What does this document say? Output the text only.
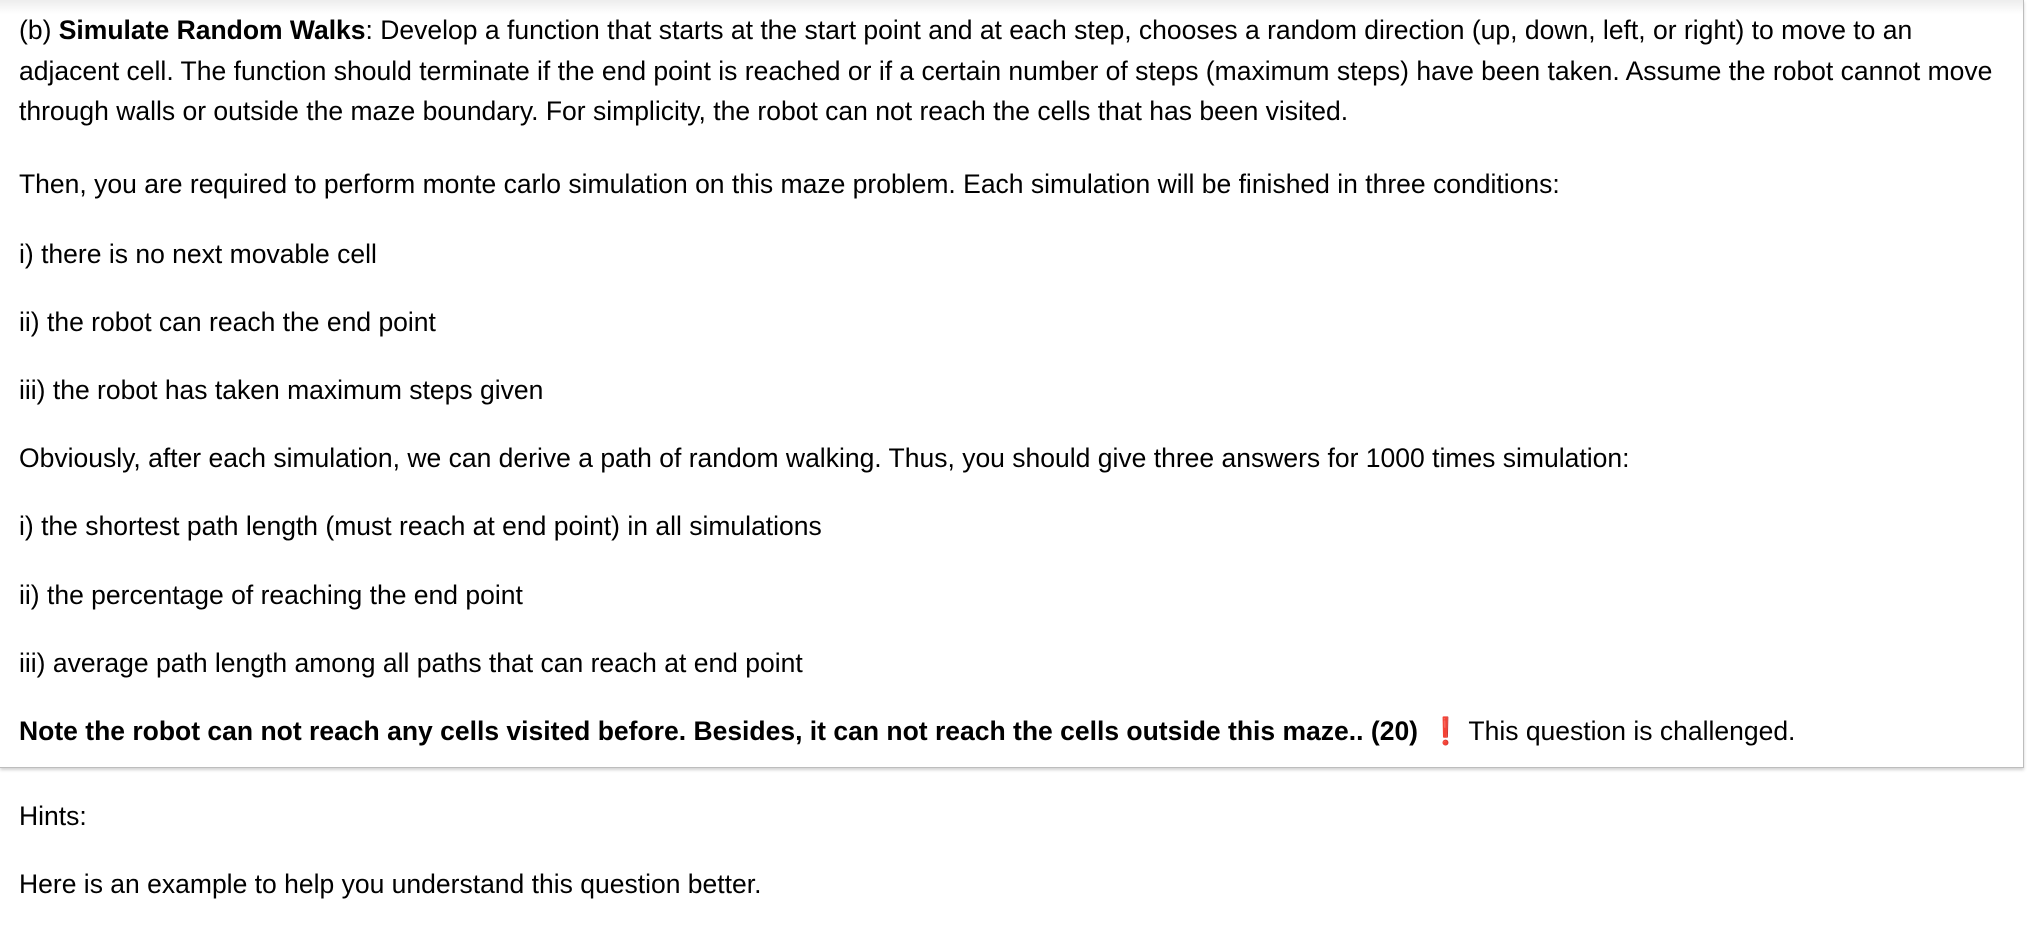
(b) Simulate Random Walks: Develop a function that starts at the start point and at each step, chooses a random direction (up, down, left, or right) to move to an adjacent cell. The function should terminate if the end point is reached or if a certain number of steps (maximum steps) have been taken. Assume the robot cannot move through walls or outside the maze boundary. For simplicity, the robot can not reach the cells that has been visited.

Then, you are required to perform monte carlo simulation on this maze problem. Each simulation will be finished in three conditions:

i) there is no next movable cell

ii) the robot can reach the end point

iii) the robot has taken maximum steps given

Obviously, after each simulation, we can derive a path of random walking. Thus, you should give three answers for 1000 times simulation:

i) the shortest path length (must reach at end point) in all simulations

ii) the percentage of reaching the end point

iii) average path length among all paths that can reach at end point

Note the robot can not reach any cells visited before. Besides, it can not reach the cells outside this maze.. (20) ❗ This question is challenged.

Hints:

Here is an example to help you understand this question better.
